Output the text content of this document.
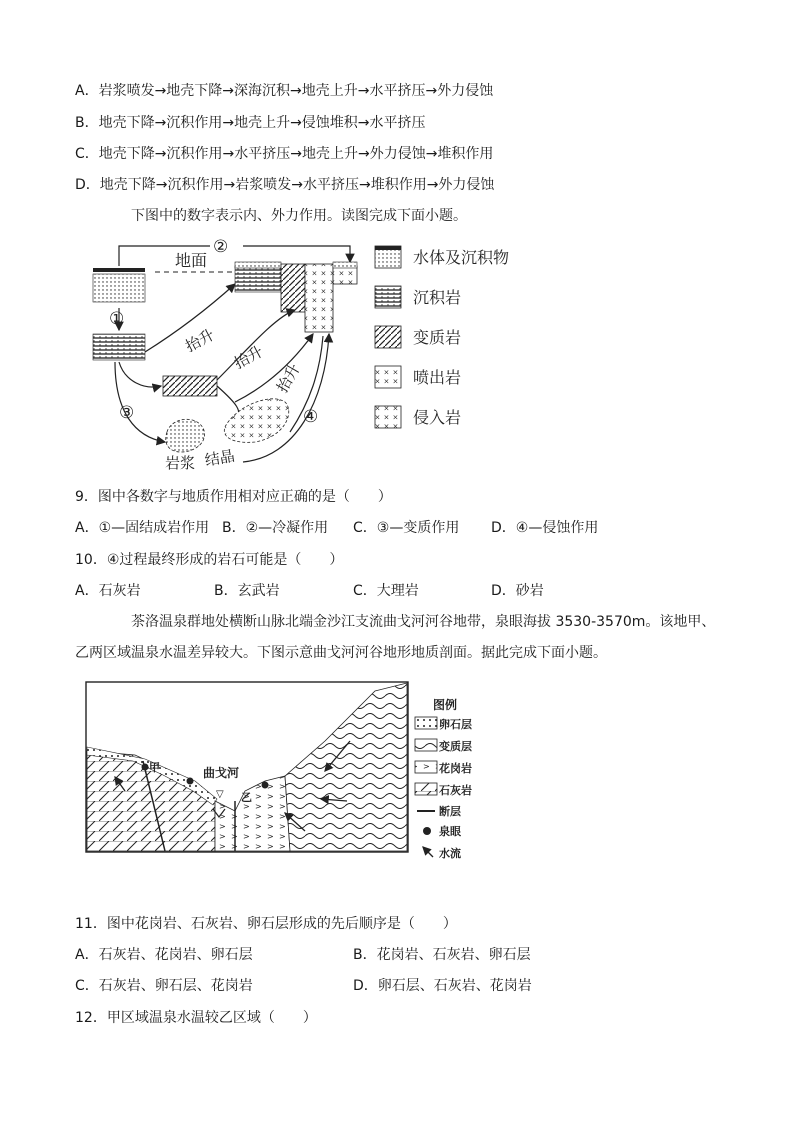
A．岩浆喷发→地壳下降→深海沉积→地壳上升→水平挤压→外力侵蚀
B．地壳下降→沉积作用→地壳上升→侵蚀堆积→水平挤压
C．地壳下降→沉积作用→水平挤压→地壳上升→外力侵蚀→堆积作用
D．地壳下降→沉积作用→岩浆喷发→水平挤压→堆积作用→外力侵蚀
下图中的数字表示内、外力作用。读图完成下面小题。
①
地面
②
③
抬升
抬升
抬升
岩浆 结晶
④
水体及沉积物
沉积岩
变质岩
喷出岩
侵入岩
9．图中各数字与地质作用相对应正确的是（　　）
A．①—固结成岩作用 B．②—冷凝作用 C．③—变质作用 D．④—侵蚀作用
10．④过程最终形成的岩石可能是（　　）
A．石灰岩	B．玄武岩	C．大理岩	D．砂岩
茶洛温泉群地处横断山脉北端金沙江支流曲戈河河谷地带，泉眼海拔 3530-3570m。该地甲、乙两区域温泉水温差异较大。下图示意曲戈河河谷地形地质剖面。据此完成下面小题。
曲戈河
▽
甲
乙
图例
卵石层
变质层
花岗岩
石灰岩
断层
泉眼
水流
11．图中花岗岩、石灰岩、卵石层形成的先后顺序是（　　）
A．石灰岩、花岗岩、卵石层	B．花岗岩、石灰岩、卵石层
C．石灰岩、卵石层、花岗岩	D．卵石层、石灰岩、花岗岩
12．甲区域温泉水温较乙区域（　　）
